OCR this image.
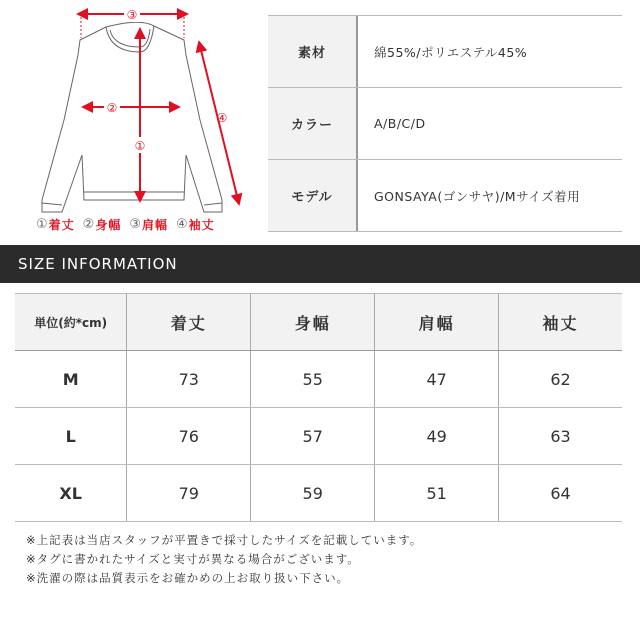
③
②
①
④
① 着丈 ② 身幅 ③ 肩幅 ④ 袖丈
素材	綿55%/ポリエステル45%
カラー	A/B/C/D
モデル	GONSAYA(ゴンサヤ)/Mサイズ着用
SIZE INFORMATION
単位(約*cm)	着丈	身幅	肩幅	袖丈
M	73	55	47	62
L	76	57	49	63
XL	79	59	51	64
※上記表は当店スタッフが平置きで採寸したサイズを記載しています。
※タグに書かれたサイズと実寸が異なる場合がございます。
※洗濯の際は品質表示をお確かめの上お取り扱い下さい。
